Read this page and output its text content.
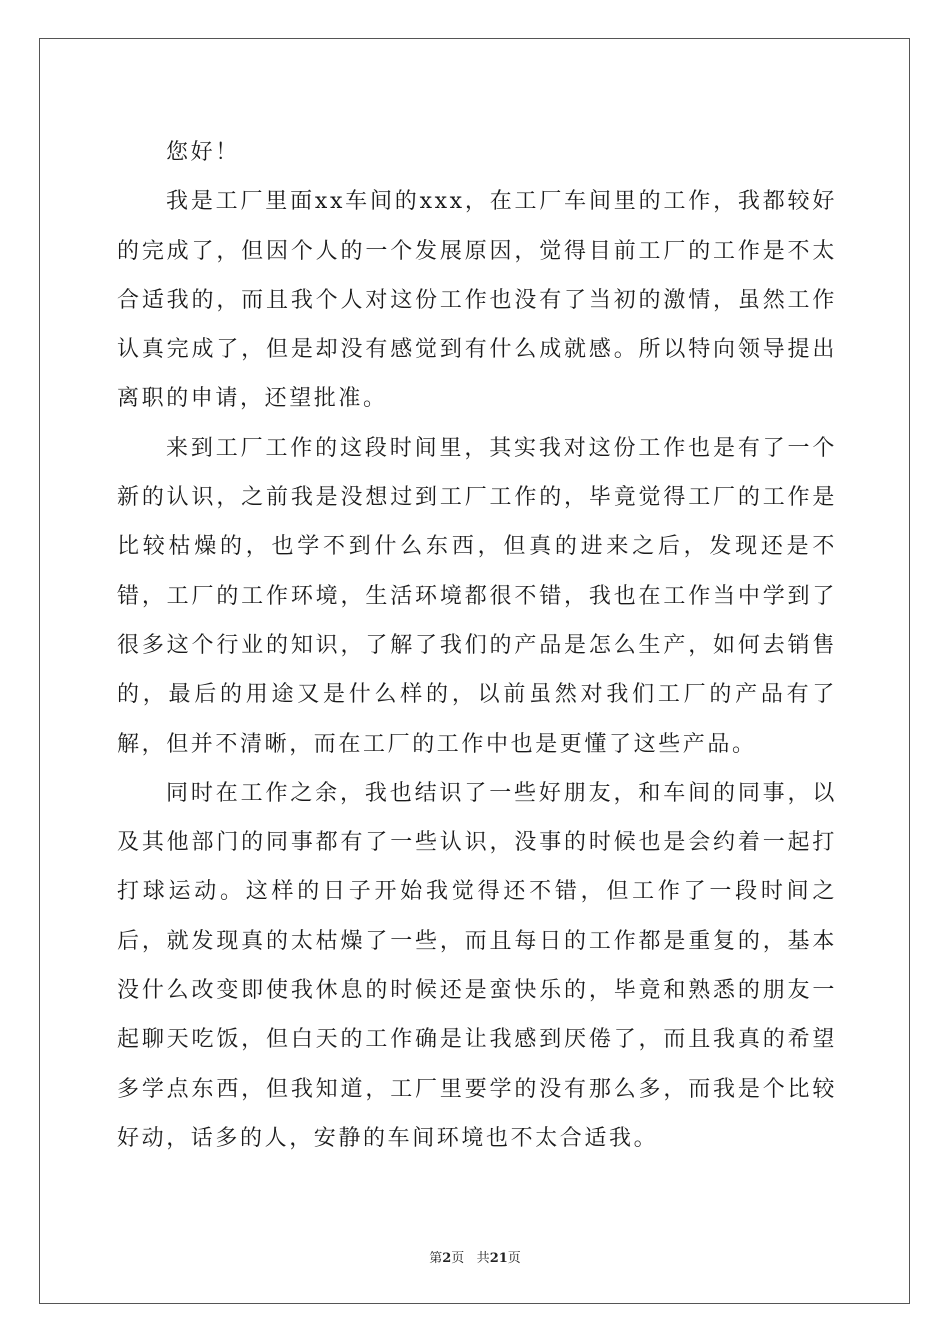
您好！

我是工厂里面xx车间的xxx，在工厂车间里的工作，我都较好的完成了，但因个人的一个发展原因，觉得目前工厂的工作是不太合适我的，而且我个人对这份工作也没有了当初的激情，虽然工作认真完成了，但是却没有感觉到有什么成就感。所以特向领导提出离职的申请，还望批准。

来到工厂工作的这段时间里，其实我对这份工作也是有了一个新的认识，之前我是没想过到工厂工作的，毕竟觉得工厂的工作是比较枯燥的，也学不到什么东西，但真的进来之后，发现还是不错，工厂的工作环境，生活环境都很不错，我也在工作当中学到了很多这个行业的知识，了解了我们的产品是怎么生产，如何去销售的，最后的用途又是什么样的，以前虽然对我们工厂的产品有了解，但并不清晰，而在工厂的工作中也是更懂了这些产品。

同时在工作之余，我也结识了一些好朋友，和车间的同事，以及其他部门的同事都有了一些认识，没事的时候也是会约着一起打打球运动。这样的日子开始我觉得还不错，但工作了一段时间之后，就发现真的太枯燥了一些，而且每日的工作都是重复的，基本没什么改变即使我休息的时候还是蛮快乐的，毕竟和熟悉的朋友一起聊天吃饭，但白天的工作确是让我感到厌倦了，而且我真的希望多学点东西，但我知道，工厂里要学的没有那么多，而我是个比较好动，话多的人，安静的车间环境也不太合适我。

第2页 共21页
